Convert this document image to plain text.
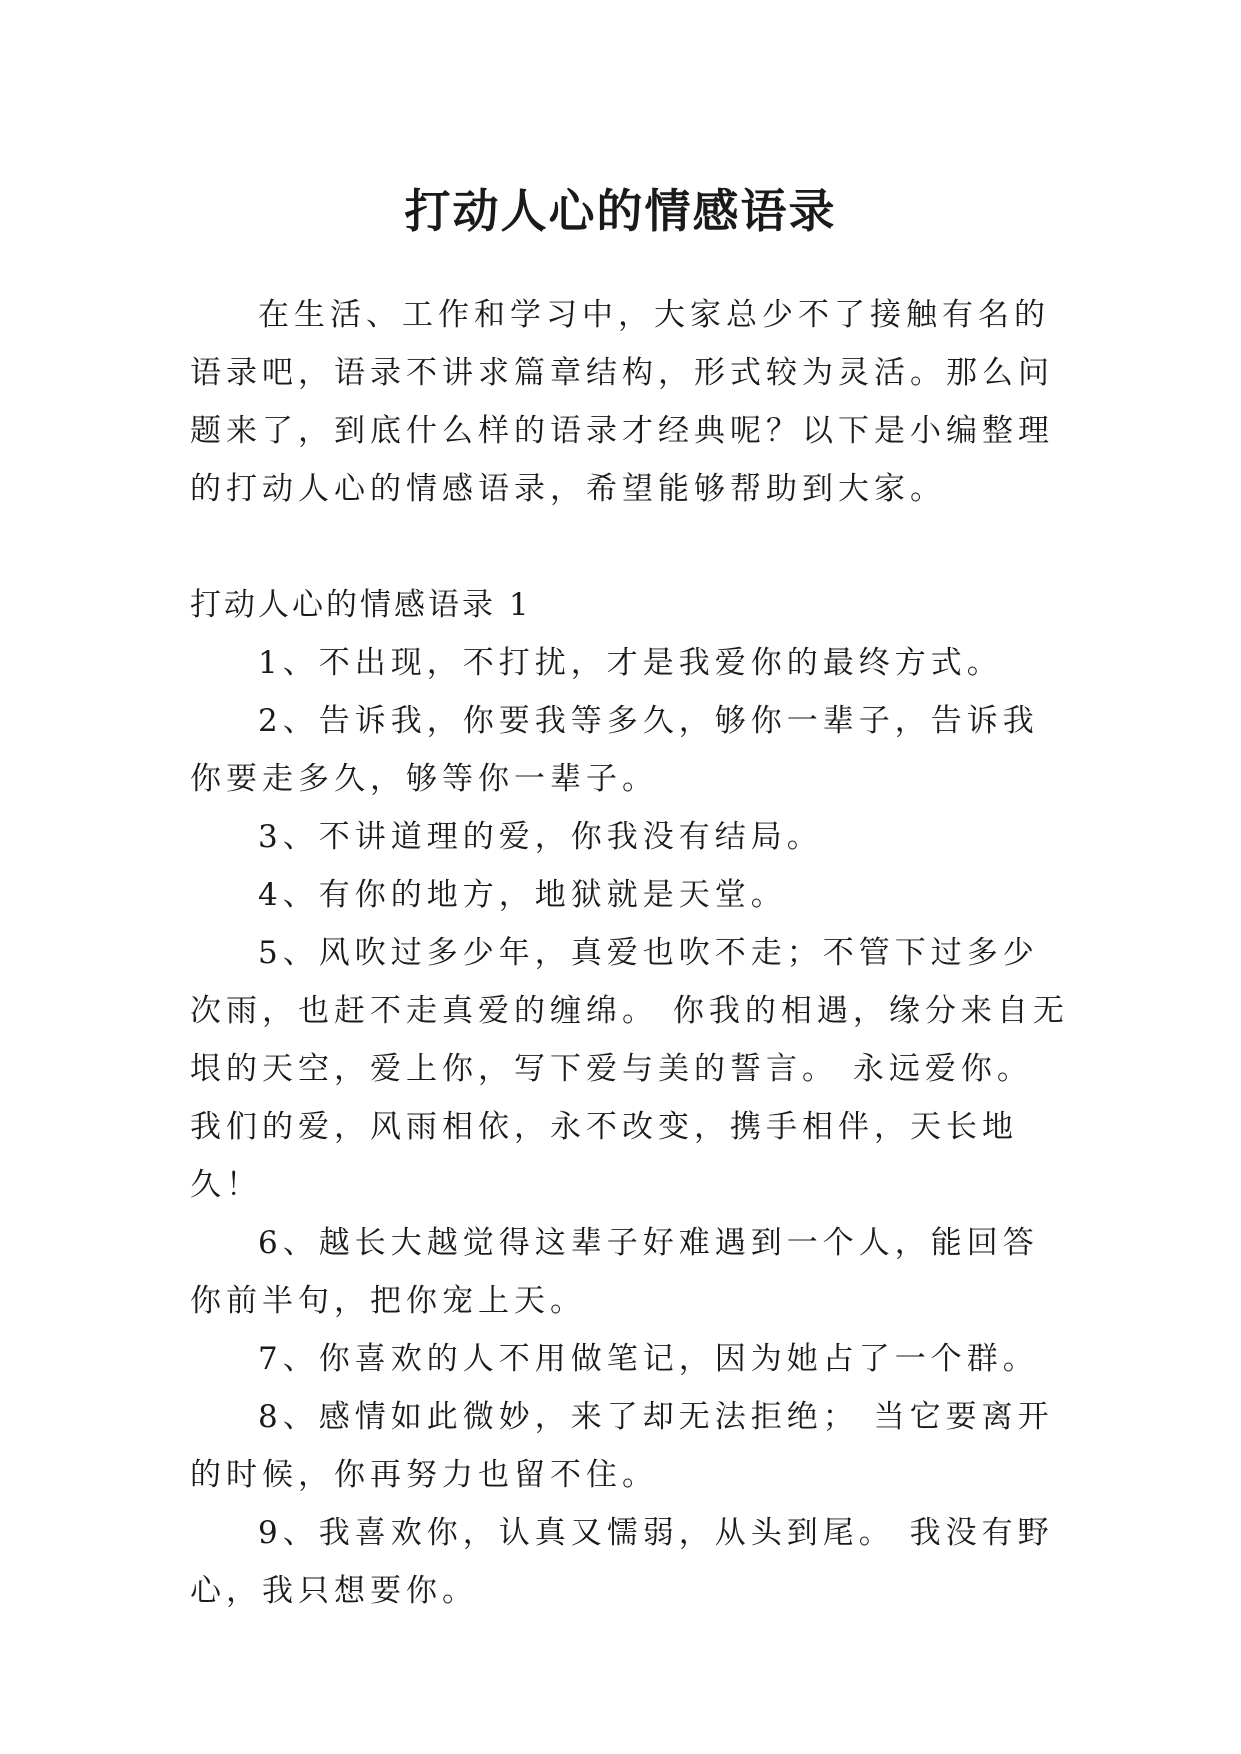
打动人心的情感语录

在生活、工作和学习中，大家总少不了接触有名的语录吧，语录不讲求篇章结构，形式较为灵活。那么问题来了，到底什么样的语录才经典呢？以下是小编整理的打动人心的情感语录，希望能够帮助到大家。

打动人心的情感语录 1

1、不出现，不打扰，才是我爱你的最终方式。
2、告诉我，你要我等多久，够你一辈子，告诉我你要走多久，够等你一辈子。
3、不讲道理的爱，你我没有结局。
4、有你的地方，地狱就是天堂。
5、风吹过多少年，真爱也吹不走；不管下过多少次雨，也赶不走真爱的缠绵。 你我的相遇，缘分来自无垠的天空，爱上你，写下爱与美的誓言。 永远爱你。 我们的爱，风雨相依，永不改变，携手相伴，天长地久！
6、越长大越觉得这辈子好难遇到一个人，能回答你前半句，把你宠上天。
7、你喜欢的人不用做笔记，因为她占了一个群。
8、感情如此微妙，来了却无法拒绝； 当它要离开的时候，你再努力也留不住。
9、我喜欢你，认真又懦弱，从头到尾。 我没有野心，我只想要你。
